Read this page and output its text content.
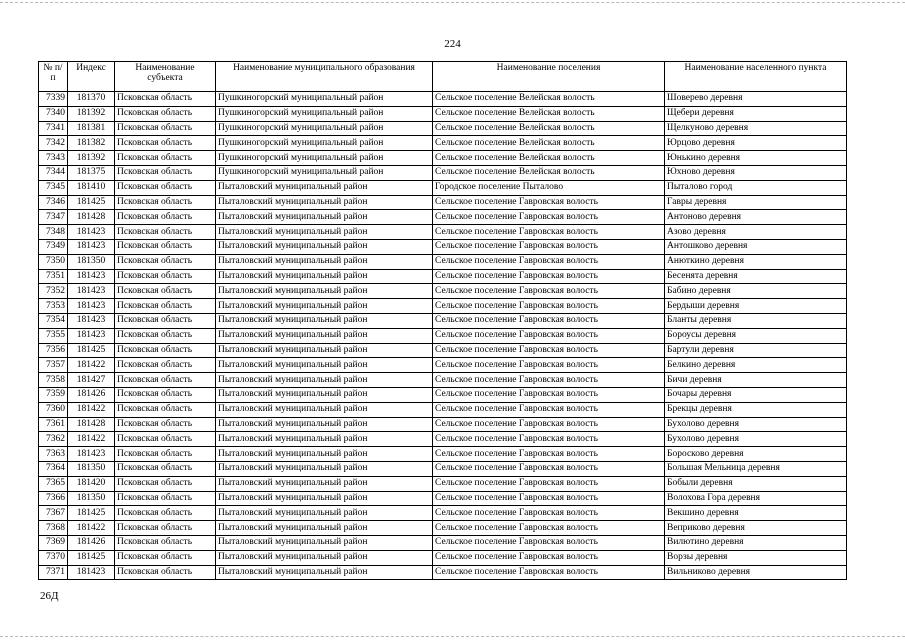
224
№ п/п	Индекс	Наименование субъекта	Наименование муниципального образования	Наименование поселения	Наименование населенного пункта
7339	181370	Псковская область	Пушкиногорский муниципальный район	Сельское поселение Велейская волость	Шоверево деревня
7340	181392	Псковская область	Пушкиногорский муниципальный район	Сельское поселение Велейская волость	Щебери деревня
7341	181381	Псковская область	Пушкиногорский муниципальный район	Сельское поселение Велейская волость	Щелкуново деревня
7342	181382	Псковская область	Пушкиногорский муниципальный район	Сельское поселение Велейская волость	Юрцово деревня
7343	181392	Псковская область	Пушкиногорский муниципальный район	Сельское поселение Велейская волость	Юнькино деревня
7344	181375	Псковская область	Пушкиногорский муниципальный район	Сельское поселение Велейская волость	Юхново деревня
7345	181410	Псковская область	Пыталовский муниципальный район	Городское поселение Пыталово	Пыталово город
7346	181425	Псковская область	Пыталовский муниципальный район	Сельское поселение Гавровская волость	Гавры деревня
7347	181428	Псковская область	Пыталовский муниципальный район	Сельское поселение Гавровская волость	Антоново деревня
7348	181423	Псковская область	Пыталовский муниципальный район	Сельское поселение Гавровская волость	Азово деревня
7349	181423	Псковская область	Пыталовский муниципальный район	Сельское поселение Гавровская волость	Антошково деревня
7350	181350	Псковская область	Пыталовский муниципальный район	Сельское поселение Гавровская волость	Анюткино деревня
7351	181423	Псковская область	Пыталовский муниципальный район	Сельское поселение Гавровская волость	Бесенята деревня
7352	181423	Псковская область	Пыталовский муниципальный район	Сельское поселение Гавровская волость	Бабино деревня
7353	181423	Псковская область	Пыталовский муниципальный район	Сельское поселение Гавровская волость	Бердыши деревня
7354	181423	Псковская область	Пыталовский муниципальный район	Сельское поселение Гавровская волость	Бланты деревня
7355	181423	Псковская область	Пыталовский муниципальный район	Сельское поселение Гавровская волость	Бороусы деревня
7356	181425	Псковская область	Пыталовский муниципальный район	Сельское поселение Гавровская волость	Бартули деревня
7357	181422	Псковская область	Пыталовский муниципальный район	Сельское поселение Гавровская волость	Белкино деревня
7358	181427	Псковская область	Пыталовский муниципальный район	Сельское поселение Гавровская волость	Бичи деревня
7359	181426	Псковская область	Пыталовский муниципальный район	Сельское поселение Гавровская волость	Бочары деревня
7360	181422	Псковская область	Пыталовский муниципальный район	Сельское поселение Гавровская волость	Брекцы деревня
7361	181428	Псковская область	Пыталовский муниципальный район	Сельское поселение Гавровская волость	Бухолово деревня
7362	181422	Псковская область	Пыталовский муниципальный район	Сельское поселение Гавровская волость	Бухолово деревня
7363	181423	Псковская область	Пыталовский муниципальный район	Сельское поселение Гавровская волость	Боросково деревня
7364	181350	Псковская область	Пыталовский муниципальный район	Сельское поселение Гавровская волость	Большая Мельница деревня
7365	181420	Псковская область	Пыталовский муниципальный район	Сельское поселение Гавровская волость	Бобыли деревня
7366	181350	Псковская область	Пыталовский муниципальный район	Сельское поселение Гавровская волость	Волохова Гора деревня
7367	181425	Псковская область	Пыталовский муниципальный район	Сельское поселение Гавровская волость	Векшино деревня
7368	181422	Псковская область	Пыталовский муниципальный район	Сельское поселение Гавровская волость	Веприково деревня
7369	181426	Псковская область	Пыталовский муниципальный район	Сельское поселение Гавровская волость	Вилютино деревня
7370	181425	Псковская область	Пыталовский муниципальный район	Сельское поселение Гавровская волость	Ворзы деревня
7371	181423	Псковская область	Пыталовский муниципальный район	Сельское поселение Гавровская волость	Вильниково деревня
26Д
